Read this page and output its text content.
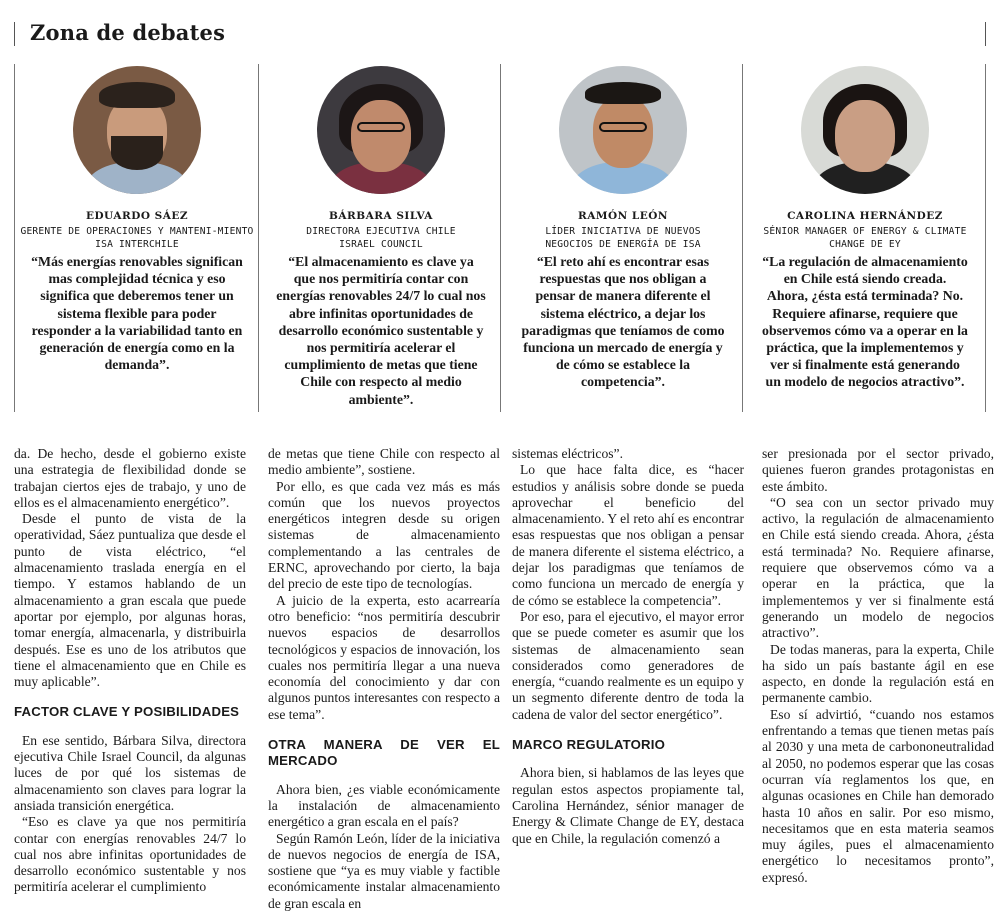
Zona de debates
EDUARDO SÁEZ
GERENTE DE OPERACIONES Y MANTENI-MIENTO ISA INTERCHILE
“Más energías renovables significan mas complejidad técnica y eso significa que deberemos tener un sistema flexible para poder responder a la variabilidad tanto en generación de energía como en la demanda”.
BÁRBARA SILVA
DIRECTORA EJECUTIVA CHILE ISRAEL COUNCIL
“El almacenamiento es clave ya que nos permitiría contar con energías renovables 24/7 lo cual nos abre infinitas oportunidades de desarrollo económico sustentable y nos permitiría acelerar el cumplimiento de metas que tiene Chile con respecto al medio ambiente”.
RAMÓN LEÓN
LÍDER INICIATIVA DE NUEVOS NEGOCIOS DE ENERGÍA DE ISA
“El reto ahí es encontrar esas respuestas que nos obligan a pensar de manera diferente el sistema eléctrico, a dejar los paradigmas que teníamos de como funciona un mercado de energía y de cómo se establece la competencia”.
CAROLINA HERNÁNDEZ
SÉNIOR MANAGER OF ENERGY & CLIMATE CHANGE DE EY
“La regulación de almacenamiento en Chile está siendo creada. Ahora, ¿ésta está terminada? No. Requiere afinarse, requiere que observemos cómo va a operar en la práctica, que la implementemos y ver si finalmente está generando un modelo de negocios atractivo”.

da. De hecho, desde el gobierno existe una estrategia de flexibilidad donde se trabajan ciertos ejes de trabajo, y uno de ellos es el almacenamiento energético”.

Desde el punto de vista de la operatividad, Sáez puntualiza que desde el punto de vista eléctrico, “el almacenamiento traslada energía en el tiempo. Y estamos hablando de un almacenamiento a gran escala que puede aportar por ejemplo, por algunas horas, tomar energía, almacenarla, y distribuirla después. Ese es uno de los atributos que tiene el almacenamiento que en Chile es muy aplicable”.

FACTOR CLAVE Y POSIBILIDADES

En ese sentido, Bárbara Silva, directora ejecutiva Chile Israel Council, da algunas luces de por qué los sistemas de almacenamiento son claves para lograr la ansiada transición energética.

“Eso es clave ya que nos permitiría contar con energías renovables 24/7 lo cual nos abre infinitas oportunidades de desarrollo económico sustentable y nos permitiría acelerar el cumplimiento

de metas que tiene Chile con respecto al medio ambiente”, sostiene.

Por ello, es que cada vez más es más común que los nuevos proyectos energéticos integren desde su origen sistemas de almacenamiento complementando a las centrales de ERNC, aprovechando por cierto, la baja del precio de este tipo de tecnologías.

A juicio de la experta, esto acarrearía otro beneficio: “nos permitiría descubrir nuevos espacios de desarrollos tecnológicos y espacios de innovación, los cuales nos permitiría llegar a una nueva economía del conocimiento y dar con algunos puntos interesantes con respecto a ese tema”.

OTRA MANERA DE VER EL MERCADO

Ahora bien, ¿es viable económicamente la instalación de almacenamiento energético a gran escala en el país?

Según Ramón León, líder de la iniciativa de nuevos negocios de energía de ISA, sostiene que “ya es muy viable y factible económicamente instalar almacenamiento de gran escala en

sistemas eléctricos”.

Lo que hace falta dice, es “hacer estudios y análisis sobre donde se pueda aprovechar el beneficio del almacenamiento. Y el reto ahí es encontrar esas respuestas que nos obligan a pensar de manera diferente el sistema eléctrico, a dejar los paradigmas que teníamos de como funciona un mercado de energía y de cómo se establece la competencia”.

Por eso, para el ejecutivo, el mayor error que se puede cometer es asumir que los sistemas de almacenamiento sean considerados como generadores de energía, “cuando realmente es un equipo y un segmento diferente dentro de toda la cadena de valor del sector energético”.

MARCO REGULATORIO

Ahora bien, si hablamos de las leyes que regulan estos aspectos propiamente tal, Carolina Hernández, sénior manager de Energy & Climate Change de EY, destaca que en Chile, la regulación comenzó a

ser presionada por el sector privado, quienes fueron grandes protagonistas en este ámbito.

“O sea con un sector privado muy activo, la regulación de almacenamiento en Chile está siendo creada. Ahora, ¿ésta está terminada? No. Requiere afinarse, requiere que observemos cómo va a operar en la práctica, que la implementemos y ver si finalmente está generando un modelo de negocios atractivo”.

De todas maneras, para la experta, Chile ha sido un país bastante ágil en ese aspecto, en donde la regulación está en permanente cambio.

Eso sí advirtió, “cuando nos estamos enfrentando a temas que tienen metas país al 2030 y una meta de carbononeutralidad al 2050, no podemos esperar que las cosas ocurran vía reglamentos los que, en algunas ocasiones en Chile han demorado hasta 10 años en salir. Por eso mismo, necesitamos que en esta materia seamos muy ágiles, pues el almacenamiento energético lo necesitamos pronto”, expresó.
